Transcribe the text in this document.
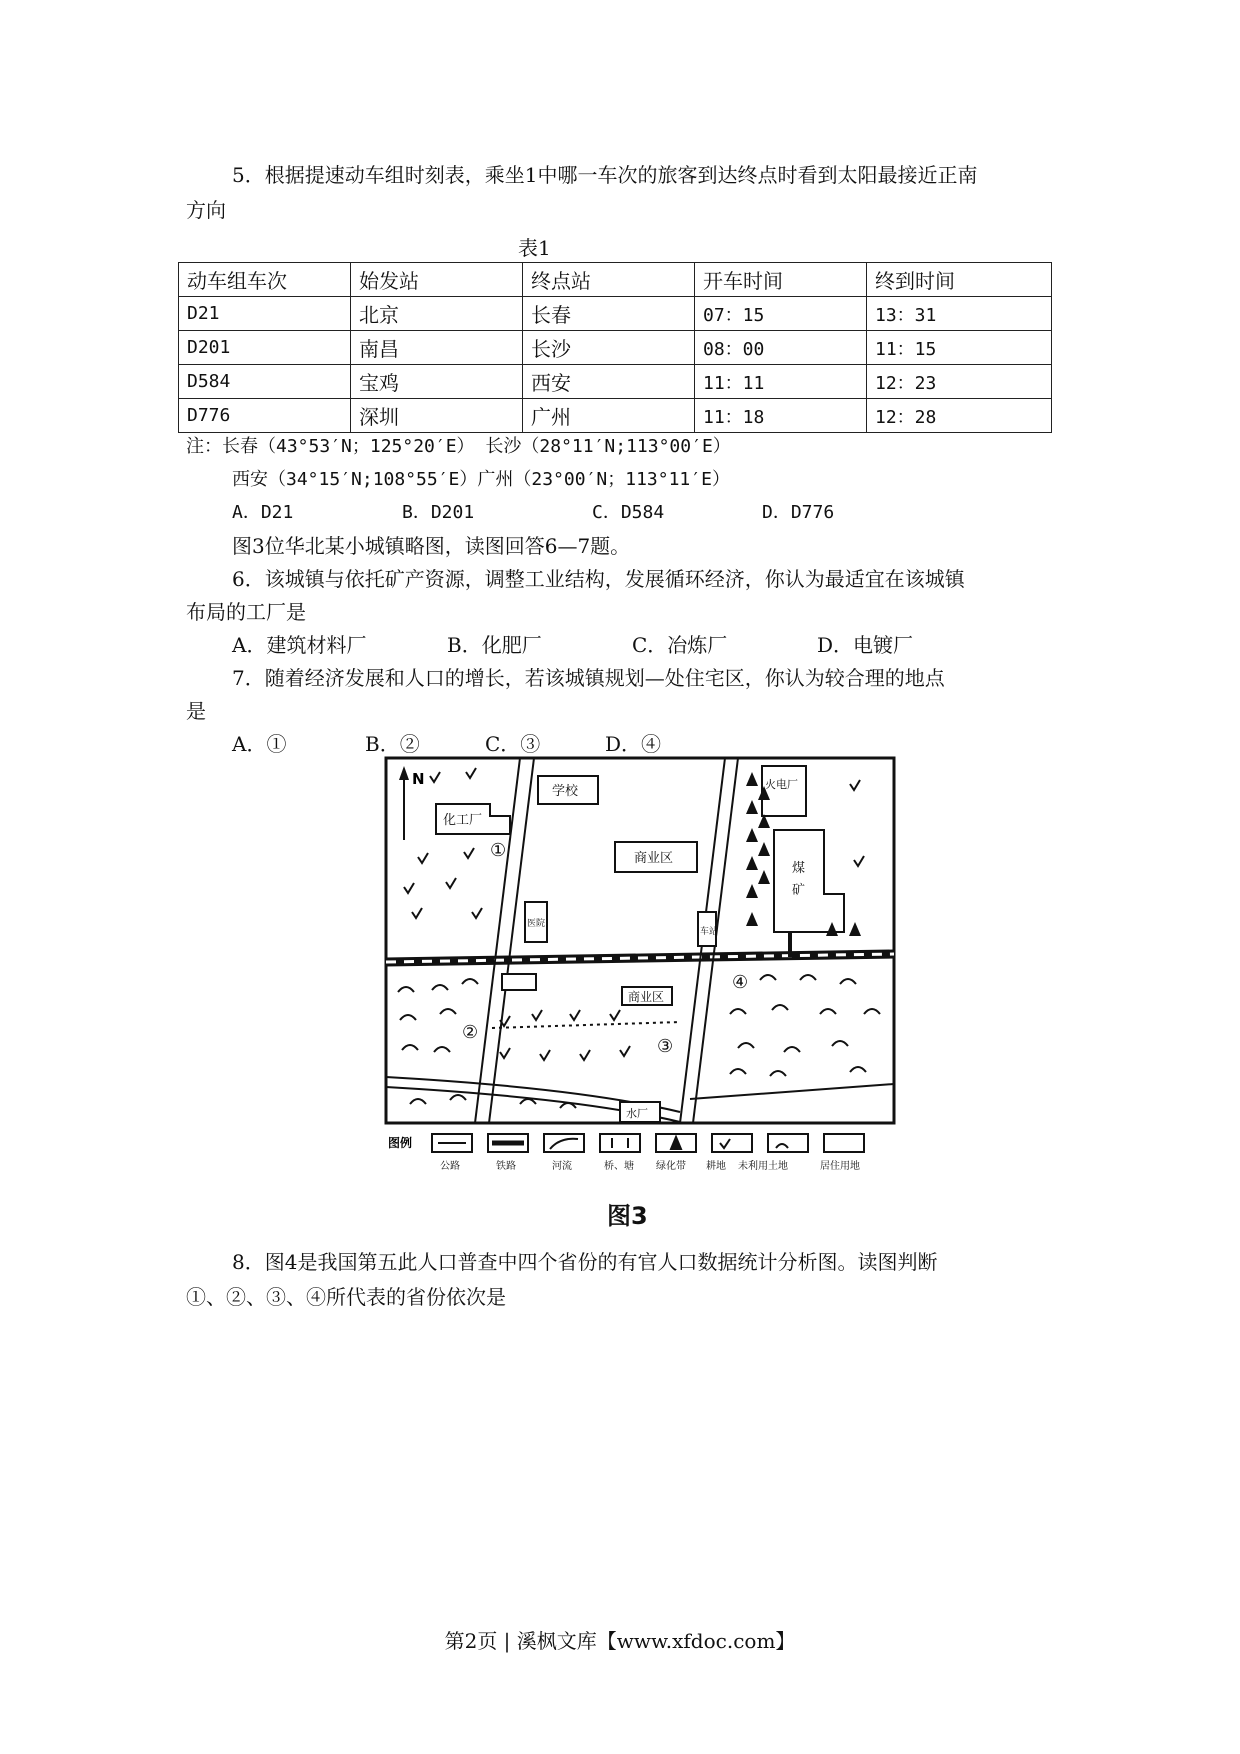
5．根据提速动车组时刻表，乘坐1中哪一车次的旅客到达终点时看到太阳最接近正南
方向
表1
动车组车次	始发站	终点站	开车时间	终到时间
D21	北京	长春	07：15	13：31
D201	南昌	长沙	08：00	11：15
D584	宝鸡	西安	11：11	12：23
D776	深圳	广州	11：18	12：28
注：长春（43°53′N；125°20′E） 长沙（28°11′N;113°00′E）
西安（34°15′N;108°55′E）广州（23°00′N；113°11′E）
A．D21	B．D201	C．D584	D．D776
图3位华北某小城镇略图，读图回答6—7题。
6．该城镇与依托矿产资源，调整工业结构，发展循环经济，你认为最适宜在该城镇
布局的工厂是
A．建筑材料厂	B．化肥厂	C．冶炼厂	D．电镀厂
7．随着经济发展和人口的增长，若该城镇规划—处住宅区，你认为较合理的地点
是
A．①	B．②	C．③	D．④
N
化工厂
学校
商业区
火电厂
煤
矿
医院
车站
商业区
水厂
①
②
③
④
图例
公路	铁路	河流	桥、塘 绿化带 耕地 未利用土地	居住用地
图3
8．图4是我国第五此人口普查中四个省份的有官人口数据统计分析图。读图判断
①、②、③、④所代表的省份依次是
第2页 | 溪枫文库【www.xfdoc.com】
